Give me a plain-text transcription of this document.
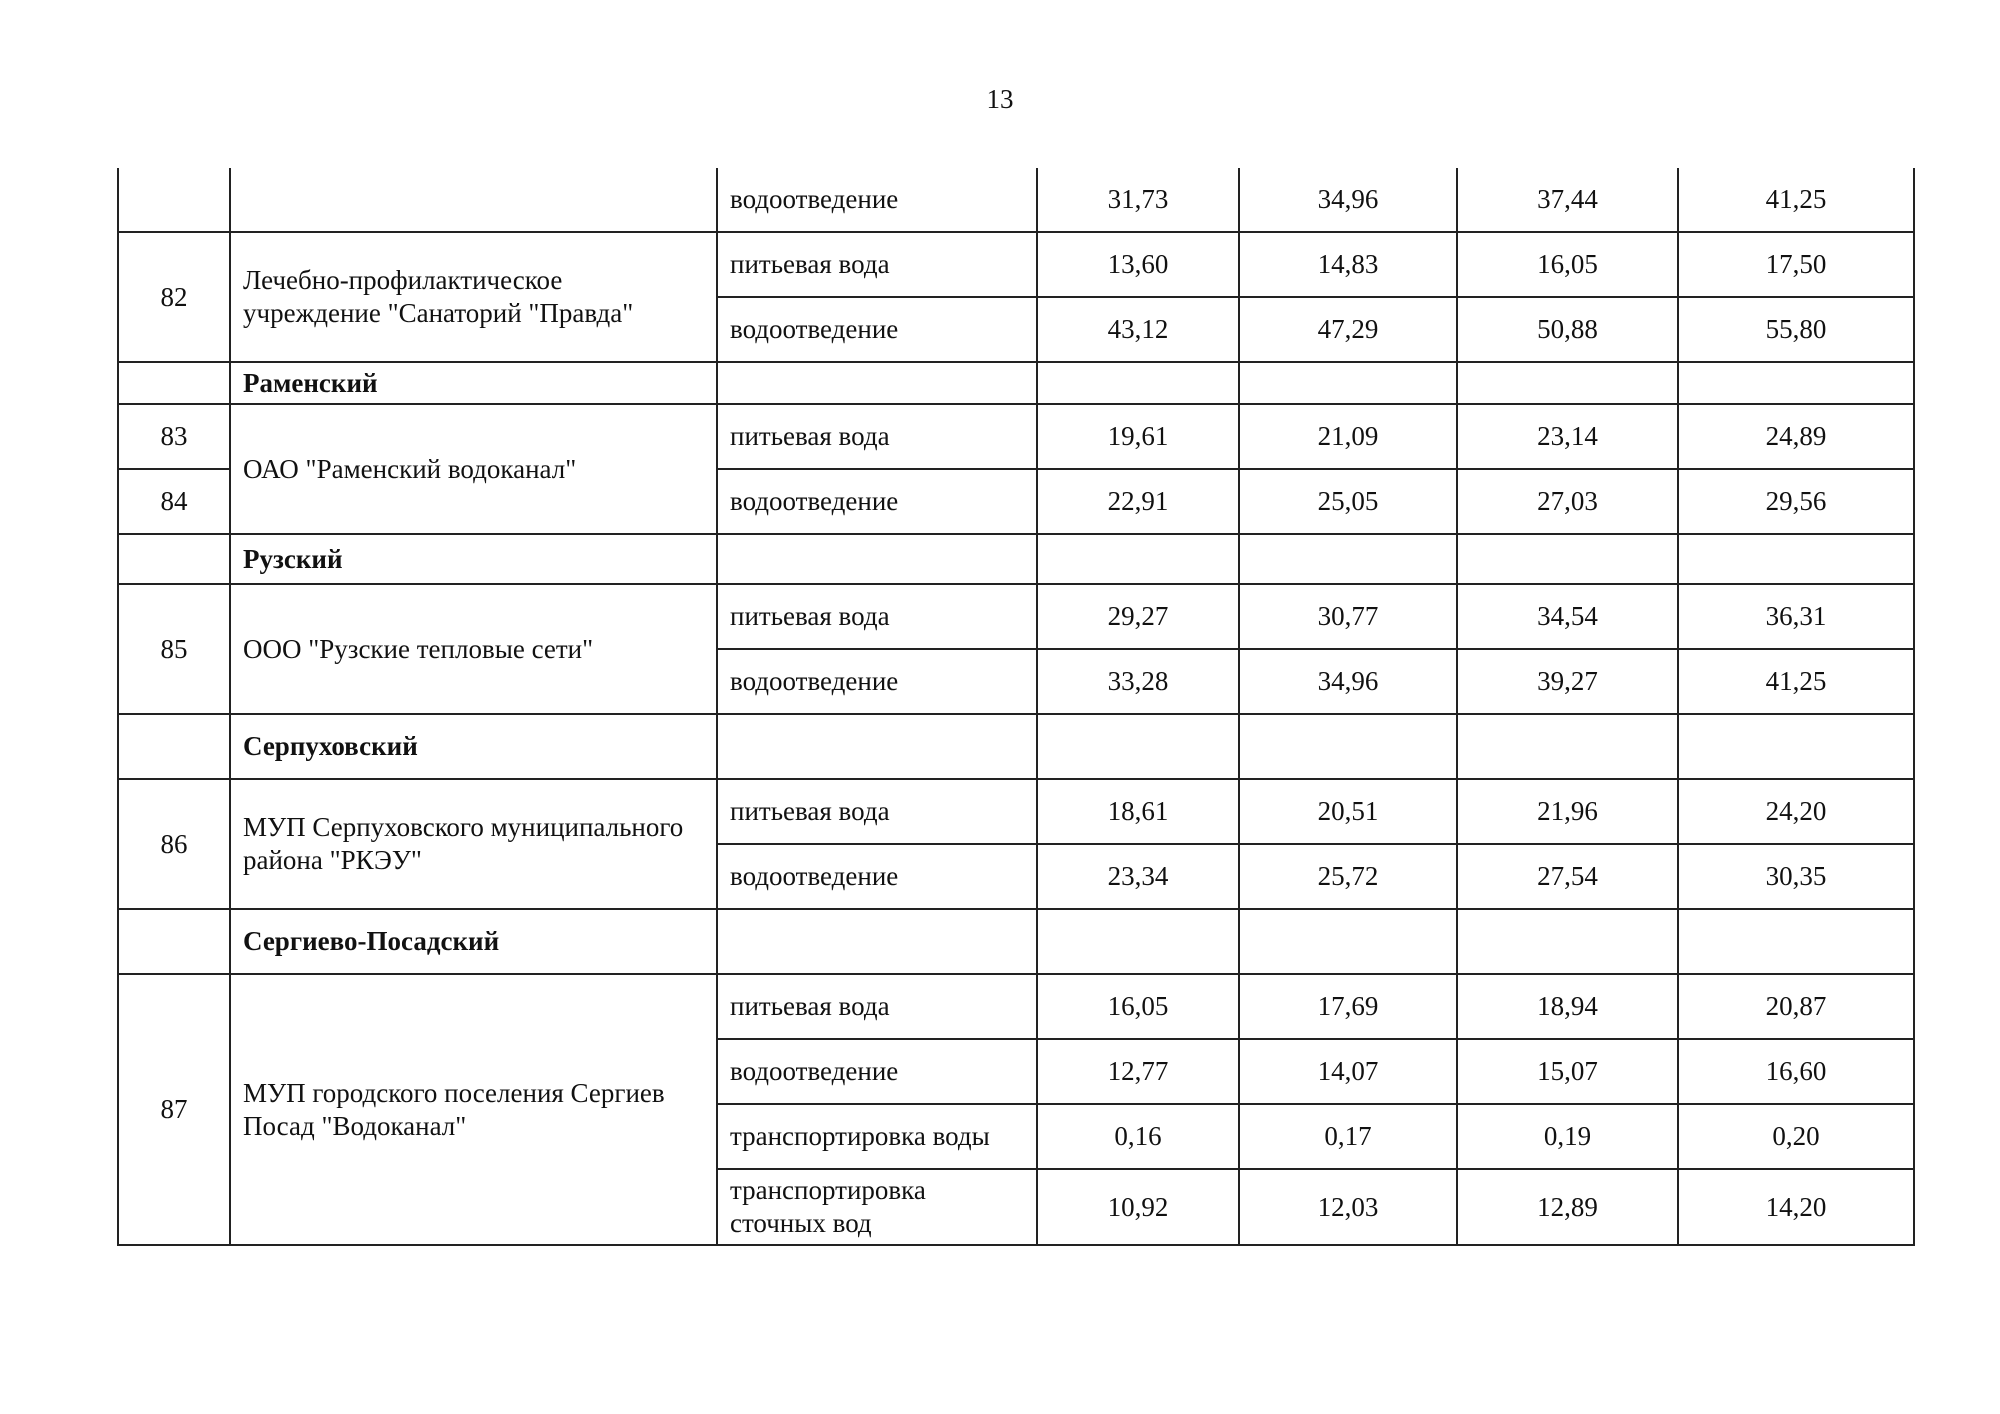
13
		водоотведение	31,73	34,96	37,44	41,25
82	Лечебно-профилактическое учреждение "Санаторий "Правда"	питьевая вода	13,60	14,83	16,05	17,50
		водоотведение	43,12	47,29	50,88	55,80
	Раменский					
83	ОАО "Раменский водоканал"	питьевая вода	19,61	21,09	23,14	24,89
84		водоотведение	22,91	25,05	27,03	29,56
	Рузский					
85	ООО "Рузские тепловые сети"	питьевая вода	29,27	30,77	34,54	36,31
		водоотведение	33,28	34,96	39,27	41,25
	Серпуховский					
86	МУП Серпуховского муниципального района "РКЭУ"	питьевая вода	18,61	20,51	21,96	24,20
		водоотведение	23,34	25,72	27,54	30,35
	Сергиево-Посадский					
87	МУП городского поселения Сергиев Посад "Водоканал"	питьевая вода	16,05	17,69	18,94	20,87
		водоотведение	12,77	14,07	15,07	16,60
		транспортировка воды	0,16	0,17	0,19	0,20
		транспортировка сточных вод	10,92	12,03	12,89	14,20
